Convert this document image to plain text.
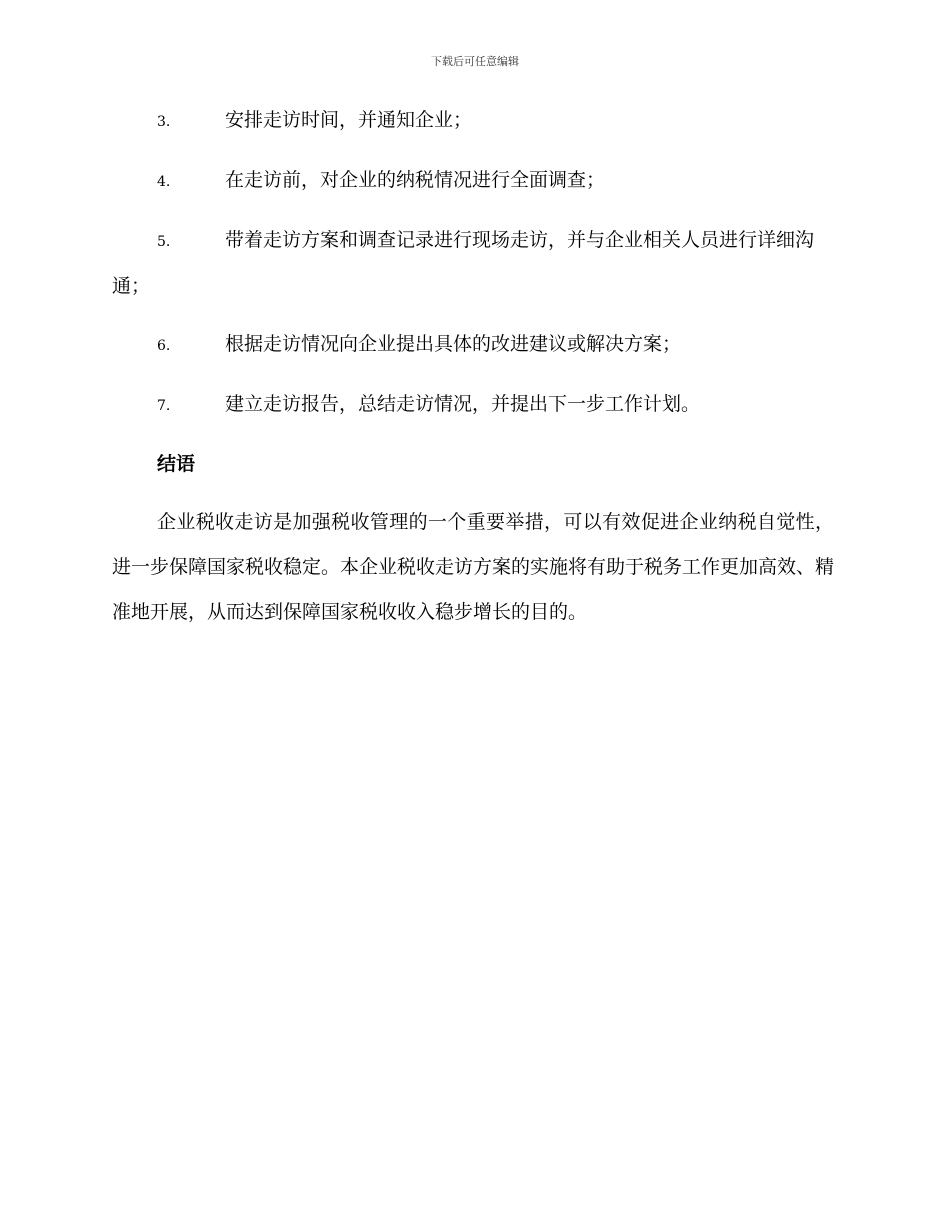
下载后可任意编辑
3.	安排走访时间，并通知企业；
4.	在走访前，对企业的纳税情况进行全面调查；
5.	带着走访方案和调查记录进行现场走访，并与企业相关人员进行详细沟通；
6.	根据走访情况向企业提出具体的改进建议或解决方案；
7.	建立走访报告，总结走访情况，并提出下一步工作计划。
结语

企业税收走访是加强税收管理的一个重要举措，可以有效促进企业纳税自觉性，进一步保障国家税收稳定。本企业税收走访方案的实施将有助于税务工作更加高效、精准地开展，从而达到保障国家税收收入稳步增长的目的。
